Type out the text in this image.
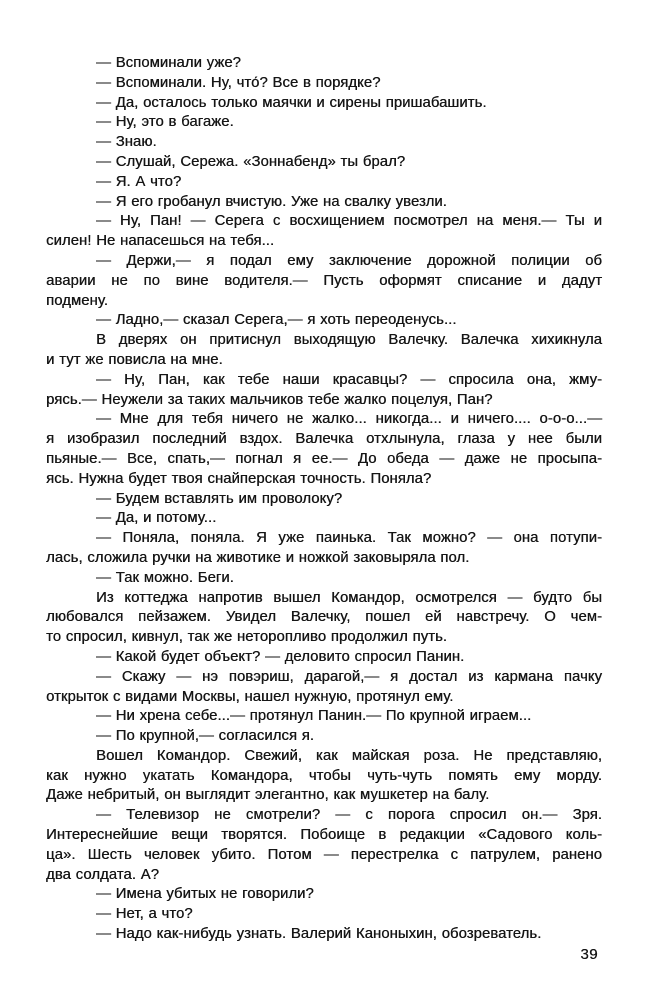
— Вспоминали уже?
— Вспоминали. Ну, что́? Все в порядке?
— Да, осталось только маячки и сирены пришабашить.
— Ну, это в багаже.
— Знаю.
— Слушай, Сережа. «Зоннабенд» ты брал?
— Я. А что?
— Я его гробанул вчистую. Уже на свалку увезли.
— Ну, Пан! — Серега с восхищением посмотрел на меня.— Ты и
силен! Не напасешься на тебя...
— Держи,— я подал ему заключение дорожной полиции об
аварии не по вине водителя.— Пусть оформят списание и дадут
подмену.
— Ладно,— сказал Серега,— я хоть переоденусь...
В дверях он притиснул выходящую Валечку. Валечка хихикнула
и тут же повисла на мне.
— Ну, Пан, как тебе наши красавцы? — спросила она, жму-
рясь.— Неужели за таких мальчиков тебе жалко поцелуя, Пан?
— Мне для тебя ничего не жалко... никогда... и ничего.... о-о-о...—
я изобразил последний вздох. Валечка отхлынула, глаза у нее были
пьяные.— Все, спать,— погнал я ее.— До обеда — даже не просыпа-
ясь. Нужна будет твоя снайперская точность. Поняла?
— Будем вставлять им проволоку?
— Да, и потому...
— Поняла, поняла. Я уже паинька. Так можно? — она потупи-
лась, сложила ручки на животике и ножкой заковыряла пол.
— Так можно. Беги.
Из коттеджа напротив вышел Командор, осмотрелся — будто бы
любовался пейзажем. Увидел Валечку, пошел ей навстречу. О чем-
то спросил, кивнул, так же неторопливо продолжил путь.
— Какой будет объект? — деловито спросил Панин.
— Скажу — нэ повэриш, дарагой,— я достал из кармана пачку
открыток с видами Москвы, нашел нужную, протянул ему.
— Ни хрена себе...— протянул Панин.— По крупной играем...
— По крупной,— согласился я.
Вошел Командор. Свежий, как майская роза. Не представляю,
как нужно укатать Командора, чтобы чуть-чуть помять ему морду.
Даже небритый, он выглядит элегантно, как мушкетер на балу.
— Телевизор не смотрели? — с порога спросил он.— Зря.
Интереснейшие вещи творятся. Побоище в редакции «Садового коль-
ца». Шесть человек убито. Потом — перестрелка с патрулем, ранено
два солдата. А?
— Имена убитых не говорили?
— Нет, а что?
— Надо как-нибудь узнать. Валерий Каноныхин, обозреватель.
39
